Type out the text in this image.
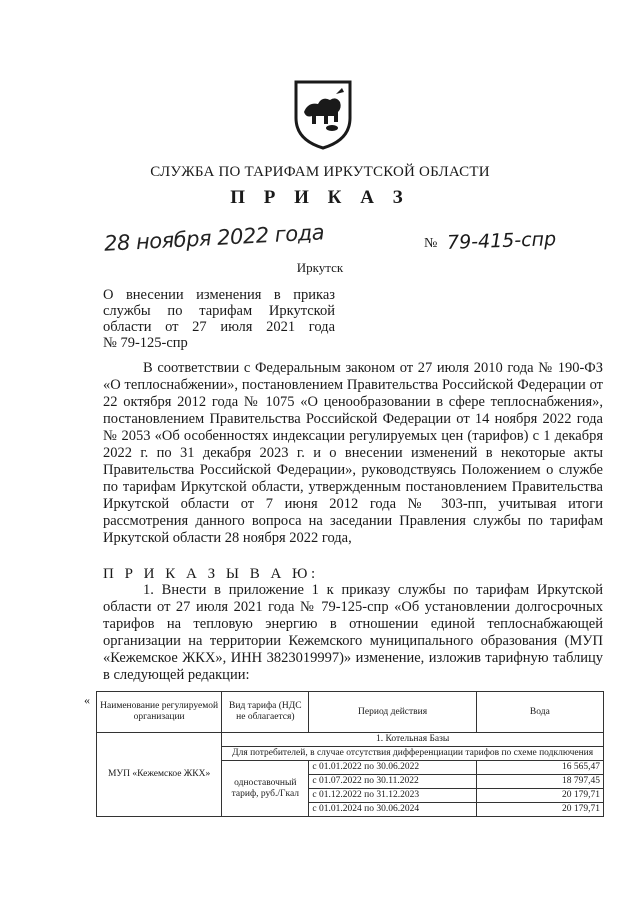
СЛУЖБА ПО ТАРИФАМ ИРКУТСКОЙ ОБЛАСТИ
П Р И К А З
28 ноября 2022 года	№ 79-415-спр
Иркутск
О внесении изменения в приказ службы по тарифам Иркутской области от 27 июля 2021 года
№ 79-125-спр

В соответствии с Федеральным законом от 27 июля 2010 года № 190-ФЗ «О теплоснабжении», постановлением Правительства Российской Федерации от 22 октября 2012 года № 1075 «О ценообразовании в сфере теплоснабжения», постановлением Правительства Российской Федерации от 14 ноября 2022 года № 2053 «Об особенностях индексации регулируемых цен (тарифов) с 1 декабря 2022 г. по 31 декабря 2023 г. и о внесении изменений в некоторые акты Правительства Российской Федерации», руководствуясь Положением о службе по тарифам Иркутской области, утвержденным постановлением Правительства Иркутской области от 7 июня 2012 года № 303-пп, учитывая итоги рассмотрения данного вопроса на заседании Правления службы по тарифам Иркутской области 28 ноября 2022 года,

П Р И К А З Ы В А Ю:

1. Внести в приложение 1 к приказу службы по тарифам Иркутской области от 27 июля 2021 года № 79-125-спр «Об установлении долгосрочных тарифов на тепловую энергию в отношении единой теплоснабжающей организации на территории Кежемского муниципального образования (МУП «Кежемское ЖКХ», ИНН 3823019997)» изменение, изложив тарифную таблицу в следующей редакции:

« Наименование регулируемой организации	Вид тарифа (НДС не облагается)	Период действия	Вода
МУП «Кежемское ЖКХ»	1. Котельная Базы		
	Для потребителей, в случае отсутствия дифференциации тарифов по схеме подключения		
	одноставочный тариф, руб./Гкал	с 01.01.2022 по 30.06.2022	16 565,47
		с 01.07.2022 по 30.11.2022	18 797,45
		с 01.12.2022 по 31.12.2023	20 179,71
		с 01.01.2024 по 30.06.2024	20 179,71
